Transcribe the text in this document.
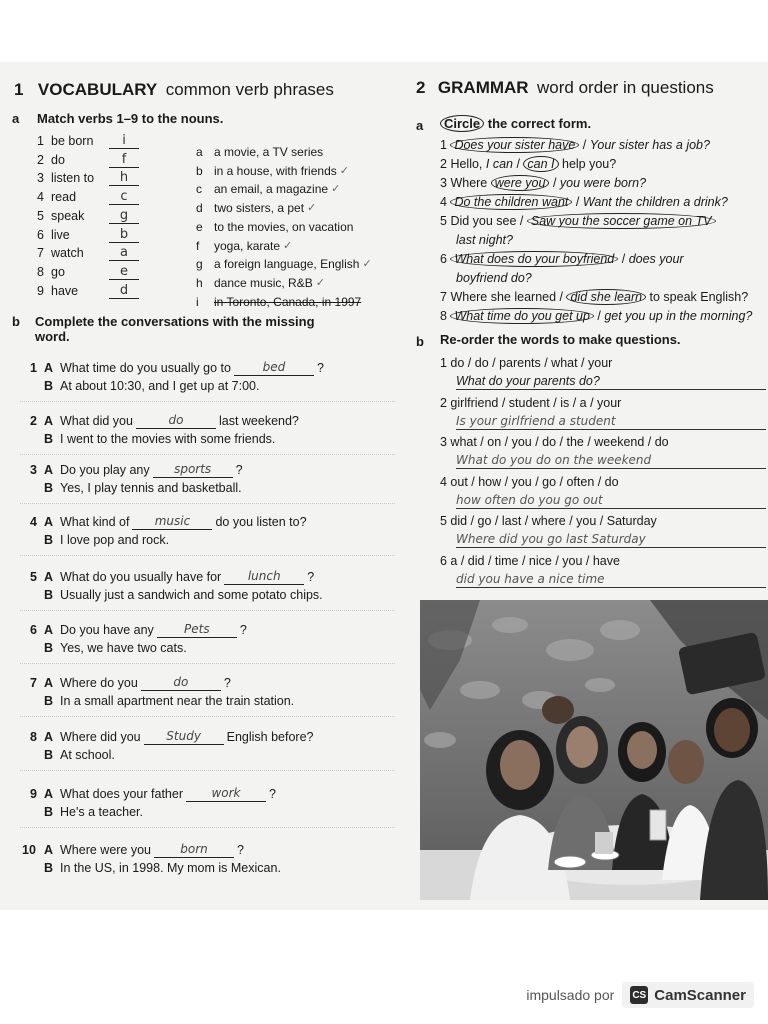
1 VOCABULARY common verb phrases
a Match verbs 1–9 to the nouns.
1 be born	i
2 do	f
3 listen to	h
4 read	c
5 speak	g
6 live	b
7 watch	a
8 go	e
9 have	d
a a movie, a TV series
b in a house, with friends ✓
c	an email, a magazine ✓
d two sisters, a pet ✓
e to the movies, on vacation
f	yoga, karate ✓
g a foreign language, English ✓
h dance music, R&B ✓
i	in Toronto, Canada, in 1997
b Complete the conversations with the missing
word.
1 A What time do you usually go to	bed	?
B At about 10:30, and I get up at 7:00.
2 A What did you	do	last weekend?
B I went to the movies with some friends.
3 A Do you play any	sports	?
B Yes, I play tennis and basketball.
4 A What kind of	music	do you listen to?
B I love pop and rock.
5 A What do you usually have for	lunch	?
B Usually just a sandwich and some potato chips.
6 A Do you have any	Pets	?
B Yes, we have two cats.
7 A Where do you	do	?
B In a small apartment near the train station.
8 A Where did you	Study	English before?
B At school.
9 A What does your father	work	?
B He's a teacher.
10 A Where were you	born	?
B In the US, in 1998. My mom is Mexican.
2 GRAMMAR word order in questions
a	Circle the correct form.
1 Does your sister have / Your sister has a job?
2 Hello, I can / can I help you?
3 Where were you / you were born?
4 Do the children want / Want the children a drink?
5 Did you see / Saw you the soccer game on TV
last night?
6 What does do your boyfriend / does your
boyfriend do?
7 Where she learned / did she learn to speak English?
8 What time do you get up / get you up in the morning?
b Re-order the words to make questions.
1 do / do / parents / what / your
What do your parents do?
2 girlfriend / student / is / a / your
Is your girlfriend a student
3 what / on / you / do / the / weekend / do
What do you do on the weekend
4 out / how / you / go / often / do
how often do you go out
5 did / go / last / where / you / Saturday
Where did you go last Saturday
6 a / did / time / nice / you / have
did you have a nice time
impulsado por CS CamScanner
